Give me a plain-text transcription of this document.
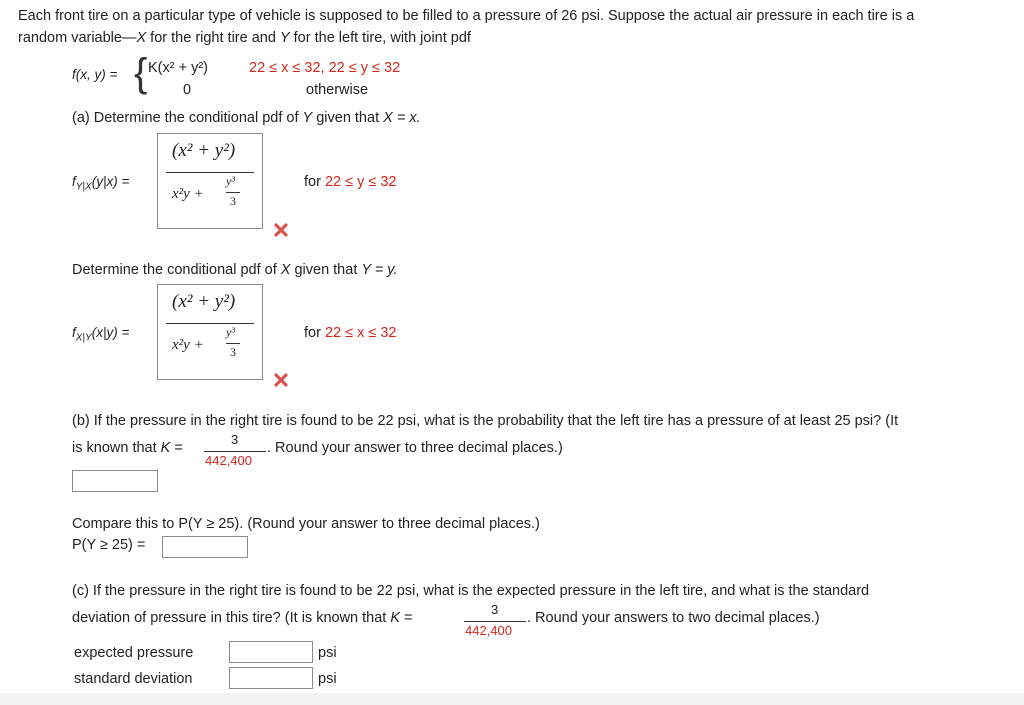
Each front tire on a particular type of vehicle is supposed to be filled to a pressure of 26 psi. Suppose the actual air pressure in each tire is a
random variable—X for the right tire and Y for the left tire, with joint pdf
f(x, y) = { K(x² + y²)	22 ≤ x ≤ 32, 22 ≤ y ≤ 32
0	otherwise
(a) Determine the conditional pdf of Y given that X = x.
$f_{Y|X}(y|x)$ =
(x² + y²)
x²y +
y³
3
for 22 ≤ y ≤ 32
Determine the conditional pdf of X given that Y = y.
$f_{X|Y}(x|y)$ =
(x² + y²)
x²y +
y³
3
for 22 ≤ x ≤ 32
(b) If the pressure in the right tire is found to be 22 psi, what is the probability that the left tire has a pressure of at least 25 psi? (It
is known that K =
3
442,400
. Round your answer to three decimal places.)
Compare this to P(Y ≥ 25). (Round your answer to three decimal places.)
P(Y ≥ 25) =
(c) If the pressure in the right tire is found to be 22 psi, what is the expected pressure in the left tire, and what is the standard
deviation of pressure in this tire? (It is known that K =
3
442,400
. Round your answers to two decimal places.)
expected pressure	psi
standard deviation	psi
